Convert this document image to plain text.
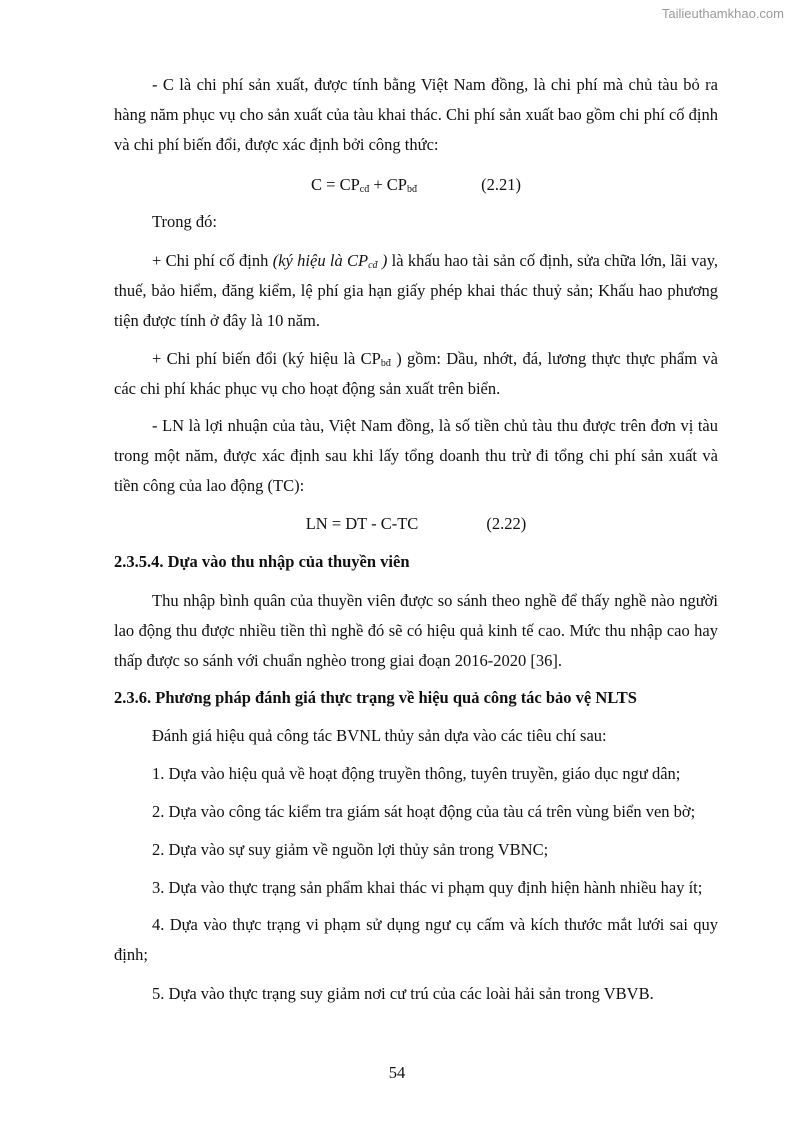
Tailieuthamkhao.com
- C là chi phí sản xuất, được tính bằng Việt Nam đồng, là chi phí mà chủ tàu bỏ ra hàng năm phục vụ cho sản xuất của tàu khai thác. Chi phí sản xuất bao gồm chi phí cố định và chi phí biến đổi, được xác định bởi công thức:
$C = CP_{cđ} + CP_{bđ}$	(2.21)
Trong đó:
+ Chi phí cố định (ký hiệu là $CP_{cđ}$ ) là khấu hao tài sản cố định, sửa chữa lớn, lãi vay, thuế, bảo hiểm, đăng kiểm, lệ phí gia hạn giấy phép khai thác thuỷ sản; Khấu hao phương tiện được tính ở đây là 10 năm.
+ Chi phí biến đổi (ký hiệu là $CP_{bđ}$ ) gồm: Dầu, nhớt, đá, lương thực thực phẩm và các chi phí khác phục vụ cho hoạt động sản xuất trên biển.
- LN là lợi nhuận của tàu, Việt Nam đồng, là số tiền chủ tàu thu được trên đơn vị tàu trong một năm, được xác định sau khi lấy tổng doanh thu trừ đi tổng chi phí sản xuất và tiền công của lao động (TC):
LN = DT - C-TC	(2.22)
2.3.5.4. Dựa vào thu nhập của thuyền viên
Thu nhập bình quân của thuyền viên được so sánh theo nghề để thấy nghề nào người lao động thu được nhiều tiền thì nghề đó sẽ có hiệu quả kinh tế cao. Mức thu nhập cao hay thấp được so sánh với chuẩn nghèo trong giai đoạn 2016-2020 [36].
2.3.6. Phương pháp đánh giá thực trạng về hiệu quả công tác bảo vệ NLTS
Đánh giá hiệu quả công tác BVNL thủy sản dựa vào các tiêu chí sau:
1. Dựa vào hiệu quả về hoạt động truyền thông, tuyên truyền, giáo dục ngư dân;
2. Dựa vào công tác kiểm tra giám sát hoạt động của tàu cá trên vùng biển ven bờ;
2. Dựa vào sự suy giảm về nguồn lợi thủy sản trong VBNC;
3. Dựa vào thực trạng sản phẩm khai thác vi phạm quy định hiện hành nhiều hay ít;
4. Dựa vào thực trạng vi phạm sử dụng ngư cụ cấm và kích thước mắt lưới sai quy định;
5. Dựa vào thực trạng suy giảm nơi cư trú của các loài hải sản trong VBVB.
54
